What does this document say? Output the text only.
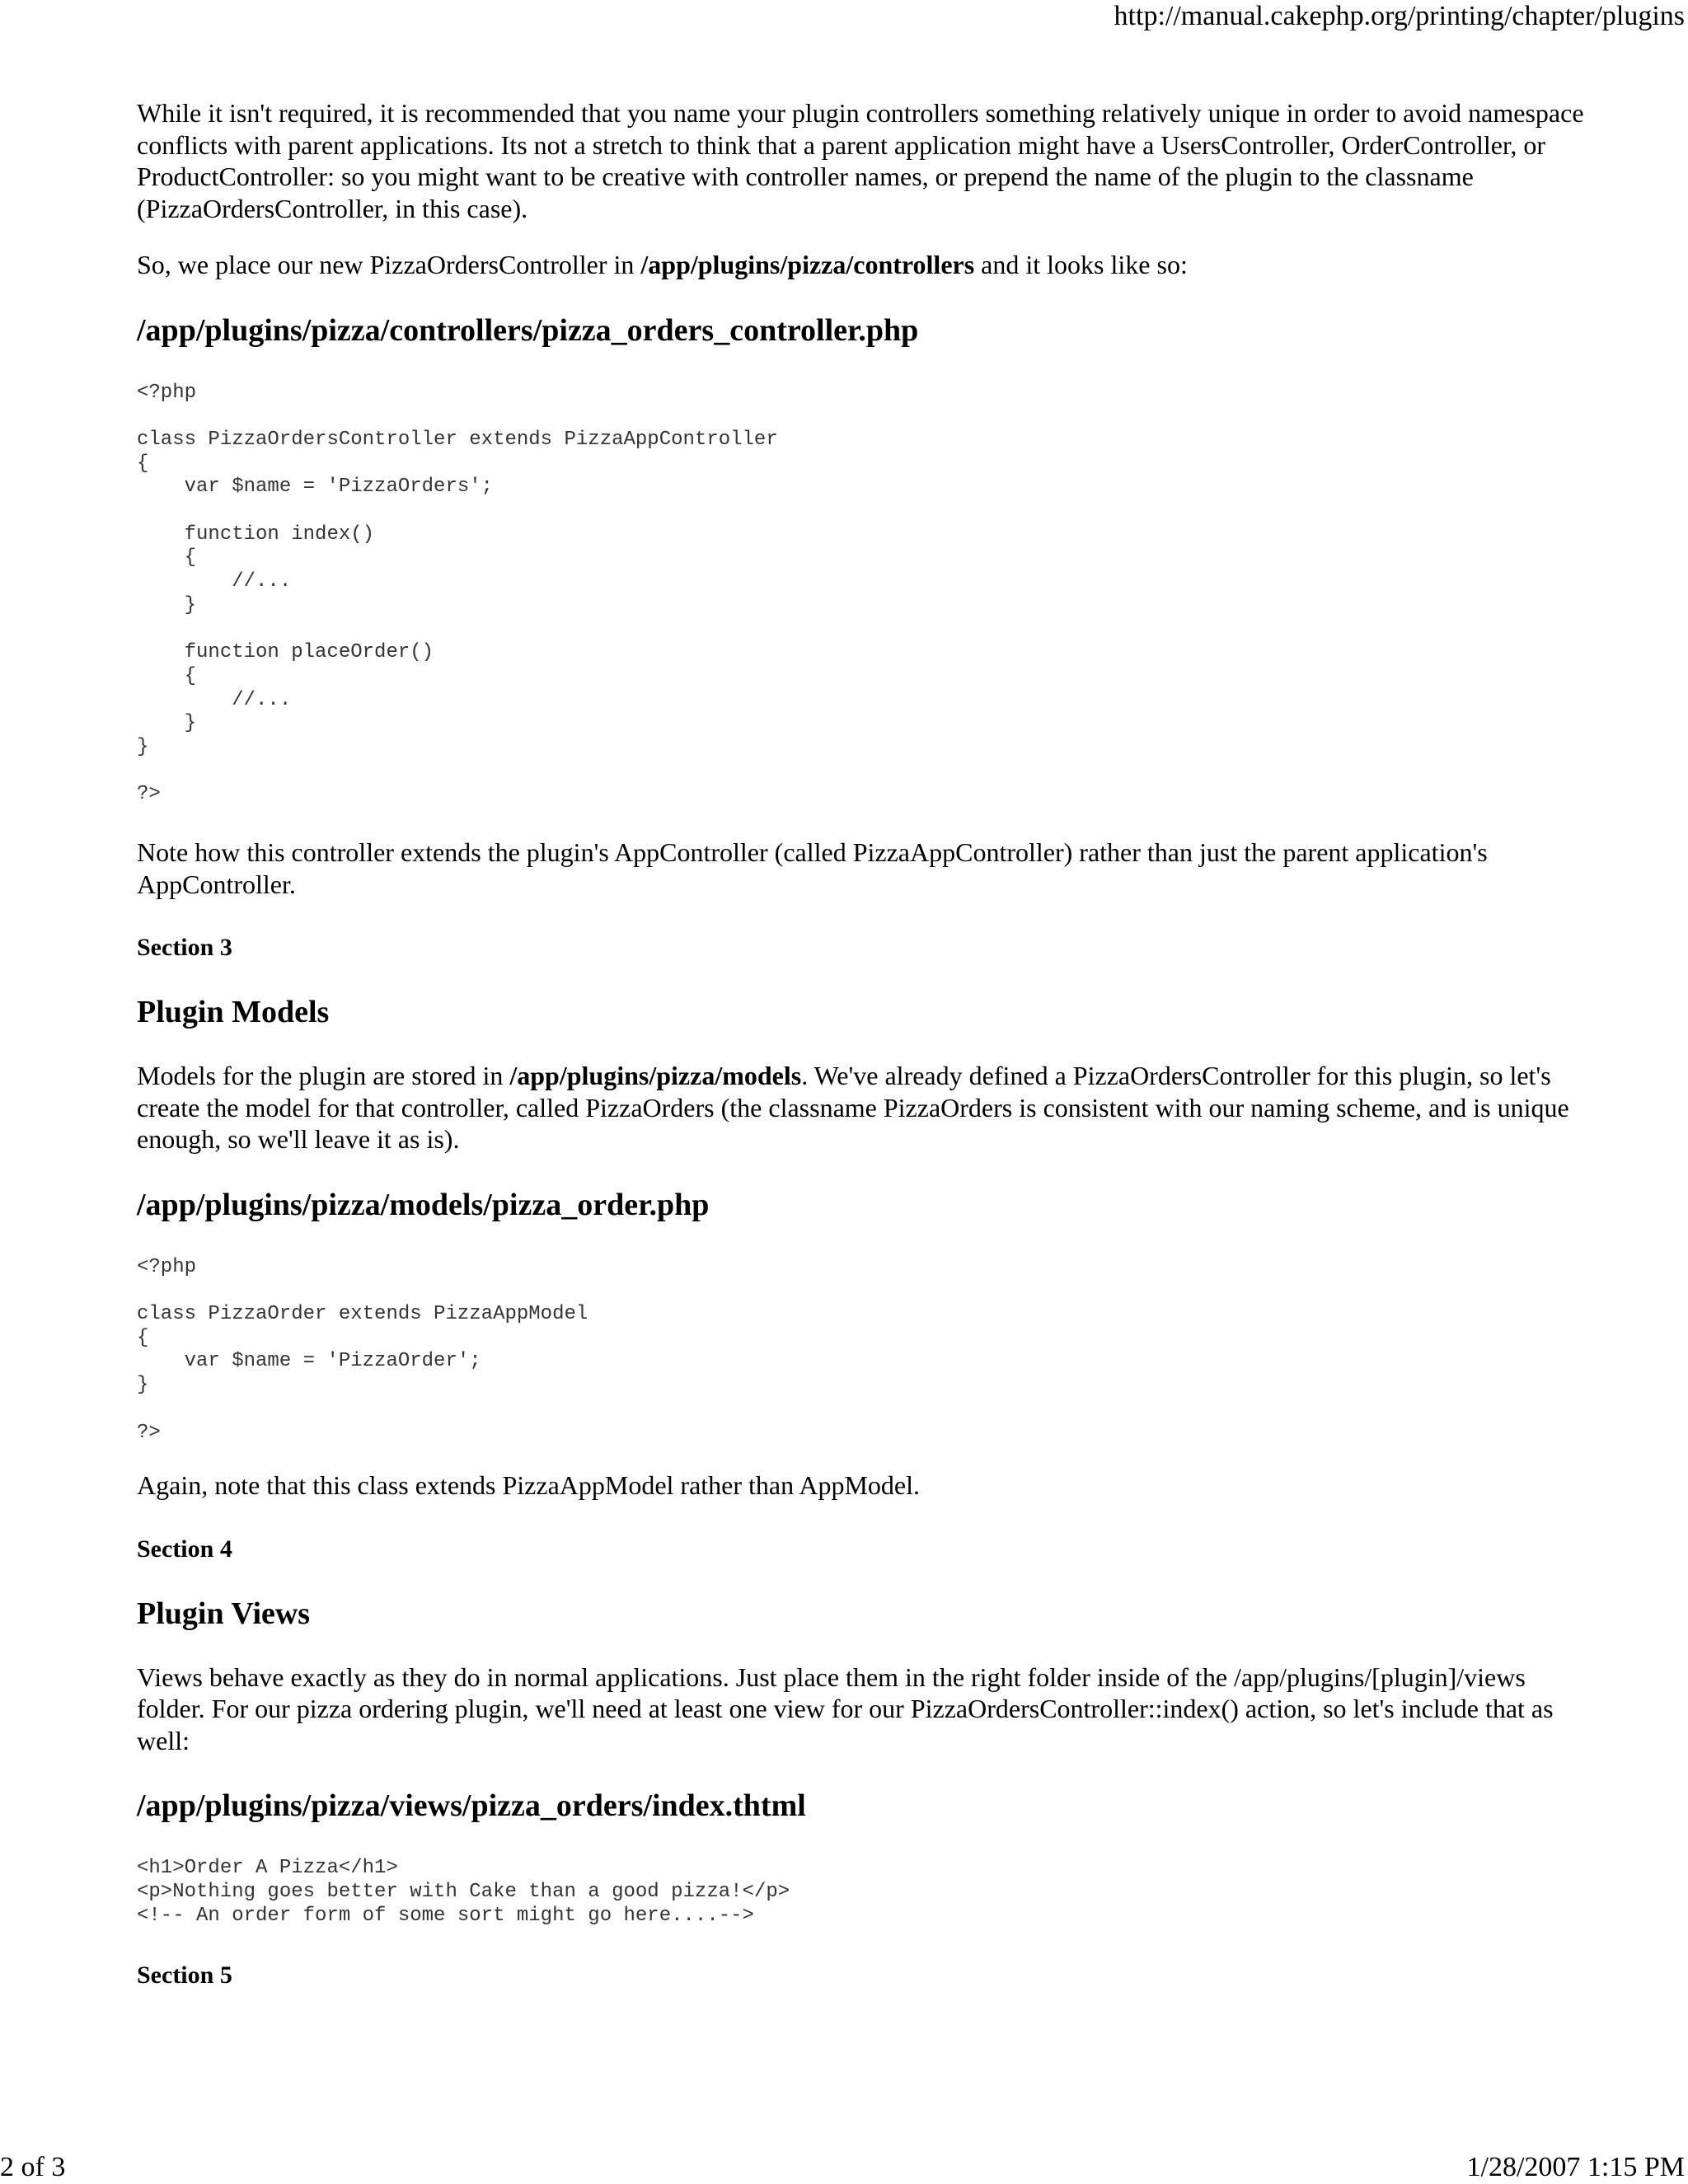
http://manual.cakephp.org/printing/chapter/plugins

While it isn't required, it is recommended that you name your plugin controllers something relatively unique in order to avoid namespace conflicts with parent applications. Its not a stretch to think that a parent application might have a UsersController, OrderController, or ProductController: so you might want to be creative with controller names, or prepend the name of the plugin to the classname (PizzaOrdersController, in this case).

So, we place our new PizzaOrdersController in /app/plugins/pizza/controllers and it looks like so:

/app/plugins/pizza/controllers/pizza_orders_controller.php
<?php

class PizzaOrdersController extends PizzaAppController
{
var $name = 'PizzaOrders';

function index()
{
//...
}

function placeOrder()
{
//...
}
}

?>

Note how this controller extends the plugin's AppController (called PizzaAppController) rather than just the parent application's AppController.

Section 3
Plugin Models

Models for the plugin are stored in /app/plugins/pizza/models. We've already defined a PizzaOrdersController for this plugin, so let's create the model for that controller, called PizzaOrders (the classname PizzaOrders is consistent with our naming scheme, and is unique enough, so we'll leave it as is).

/app/plugins/pizza/models/pizza_order.php
<?php

class PizzaOrder extends PizzaAppModel
{
var $name = 'PizzaOrder';
}

?>

Again, note that this class extends PizzaAppModel rather than AppModel.

Section 4
Plugin Views

Views behave exactly as they do in normal applications. Just place them in the right folder inside of the /app/plugins/[plugin]/views folder. For our pizza ordering plugin, we'll need at least one view for our PizzaOrdersController::index() action, so let's include that as well:

/app/plugins/pizza/views/pizza_orders/index.thtml
<h1>Order A Pizza</h1>
<p>Nothing goes better with Cake than a good pizza!</p>
<!-- An order form of some sort might go here....-->
Section 5
2 of 3	1/28/2007 1:15 PM
